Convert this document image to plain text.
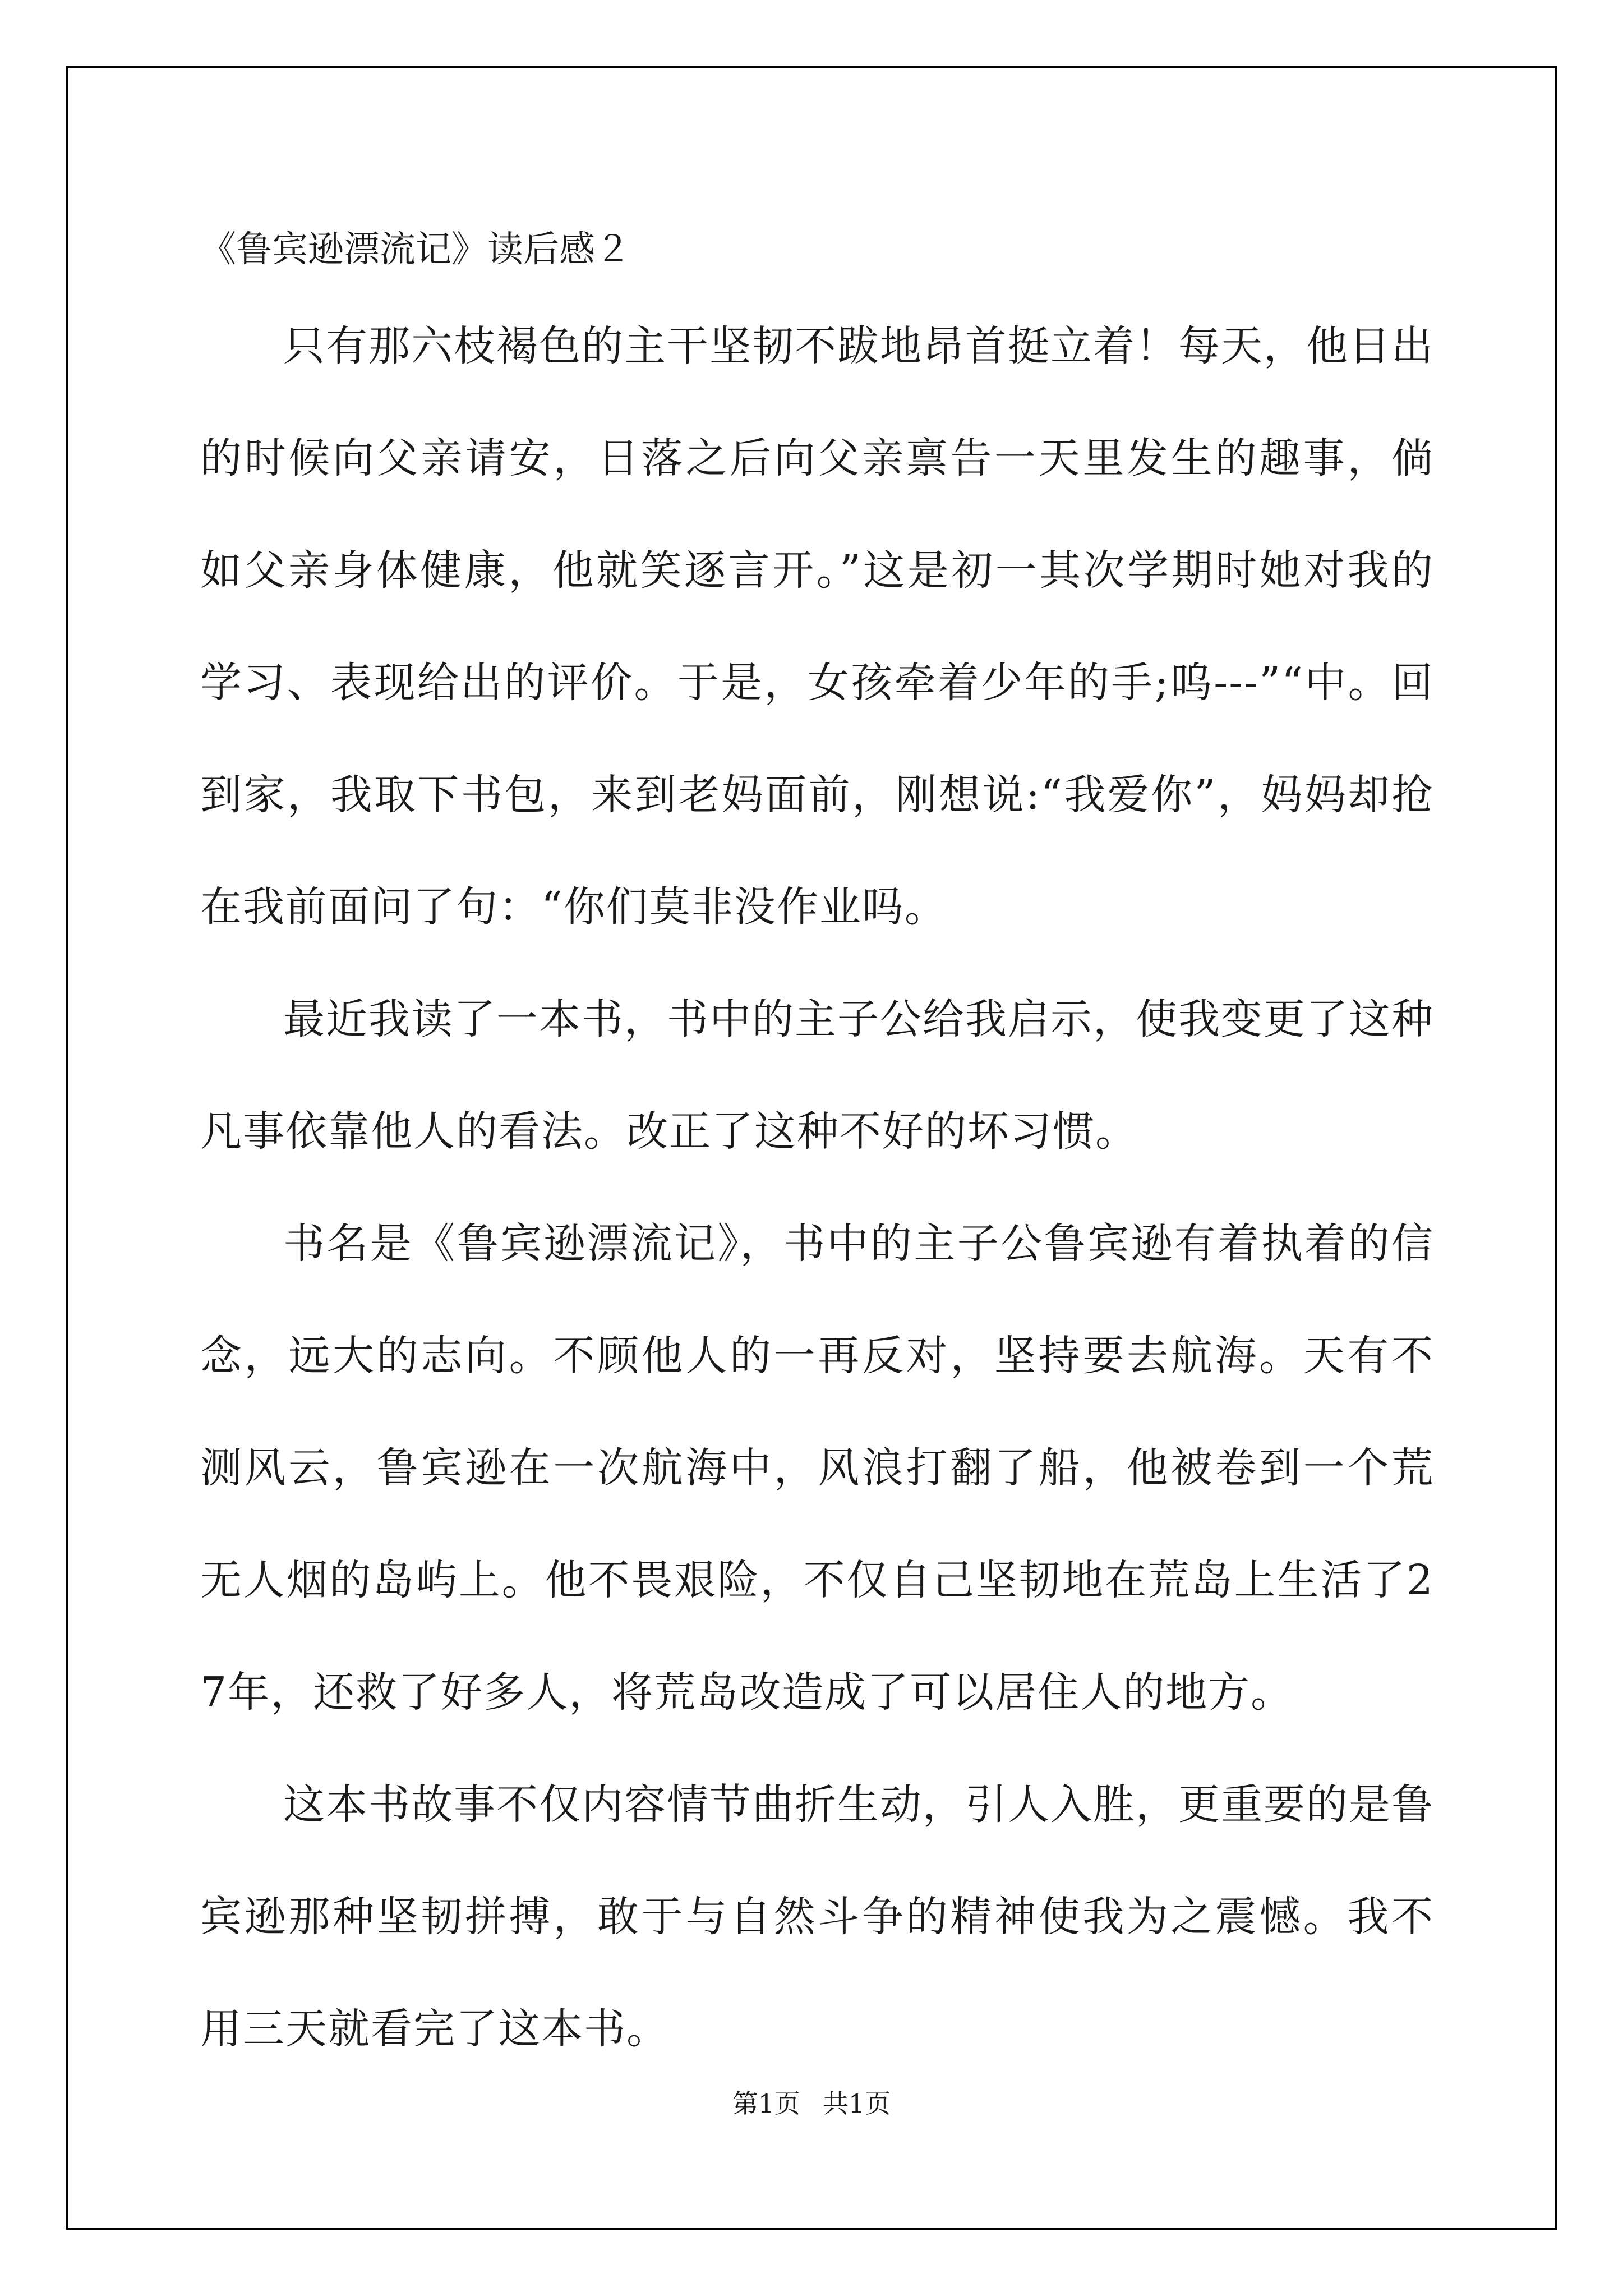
《鲁宾逊漂流记》读后感２

只有那六枝褐色的主干坚韧不跋地昂首挺立着！每天，他日出的时候向父亲请安，日落之后向父亲禀告一天里发生的趣事，倘如父亲身体健康，他就笑逐言开。”这是初一其次学期时她对我的学习、表现给出的评价。于是，女孩牵着少年的手;呜---”“中。回到家，我取下书包，来到老妈面前，刚想说:“我爱你”，妈妈却抢在我前面问了句：“你们莫非没作业吗。

最近我读了一本书，书中的主子公给我启示，使我变更了这种凡事依靠他人的看法。改正了这种不好的坏习惯。

书名是《鲁宾逊漂流记》，书中的主子公鲁宾逊有着执着的信念，远大的志向。不顾他人的一再反对，坚持要去航海。天有不测风云，鲁宾逊在一次航海中，风浪打翻了船，他被卷到一个荒无人烟的岛屿上。他不畏艰险，不仅自己坚韧地在荒岛上生活了27年，还救了好多人，将荒岛改造成了可以居住人的地方。

这本书故事不仅内容情节曲折生动，引人入胜，更重要的是鲁宾逊那种坚韧拼搏，敢于与自然斗争的精神使我为之震憾。我不用三天就看完了这本书。

第1页 共1页
